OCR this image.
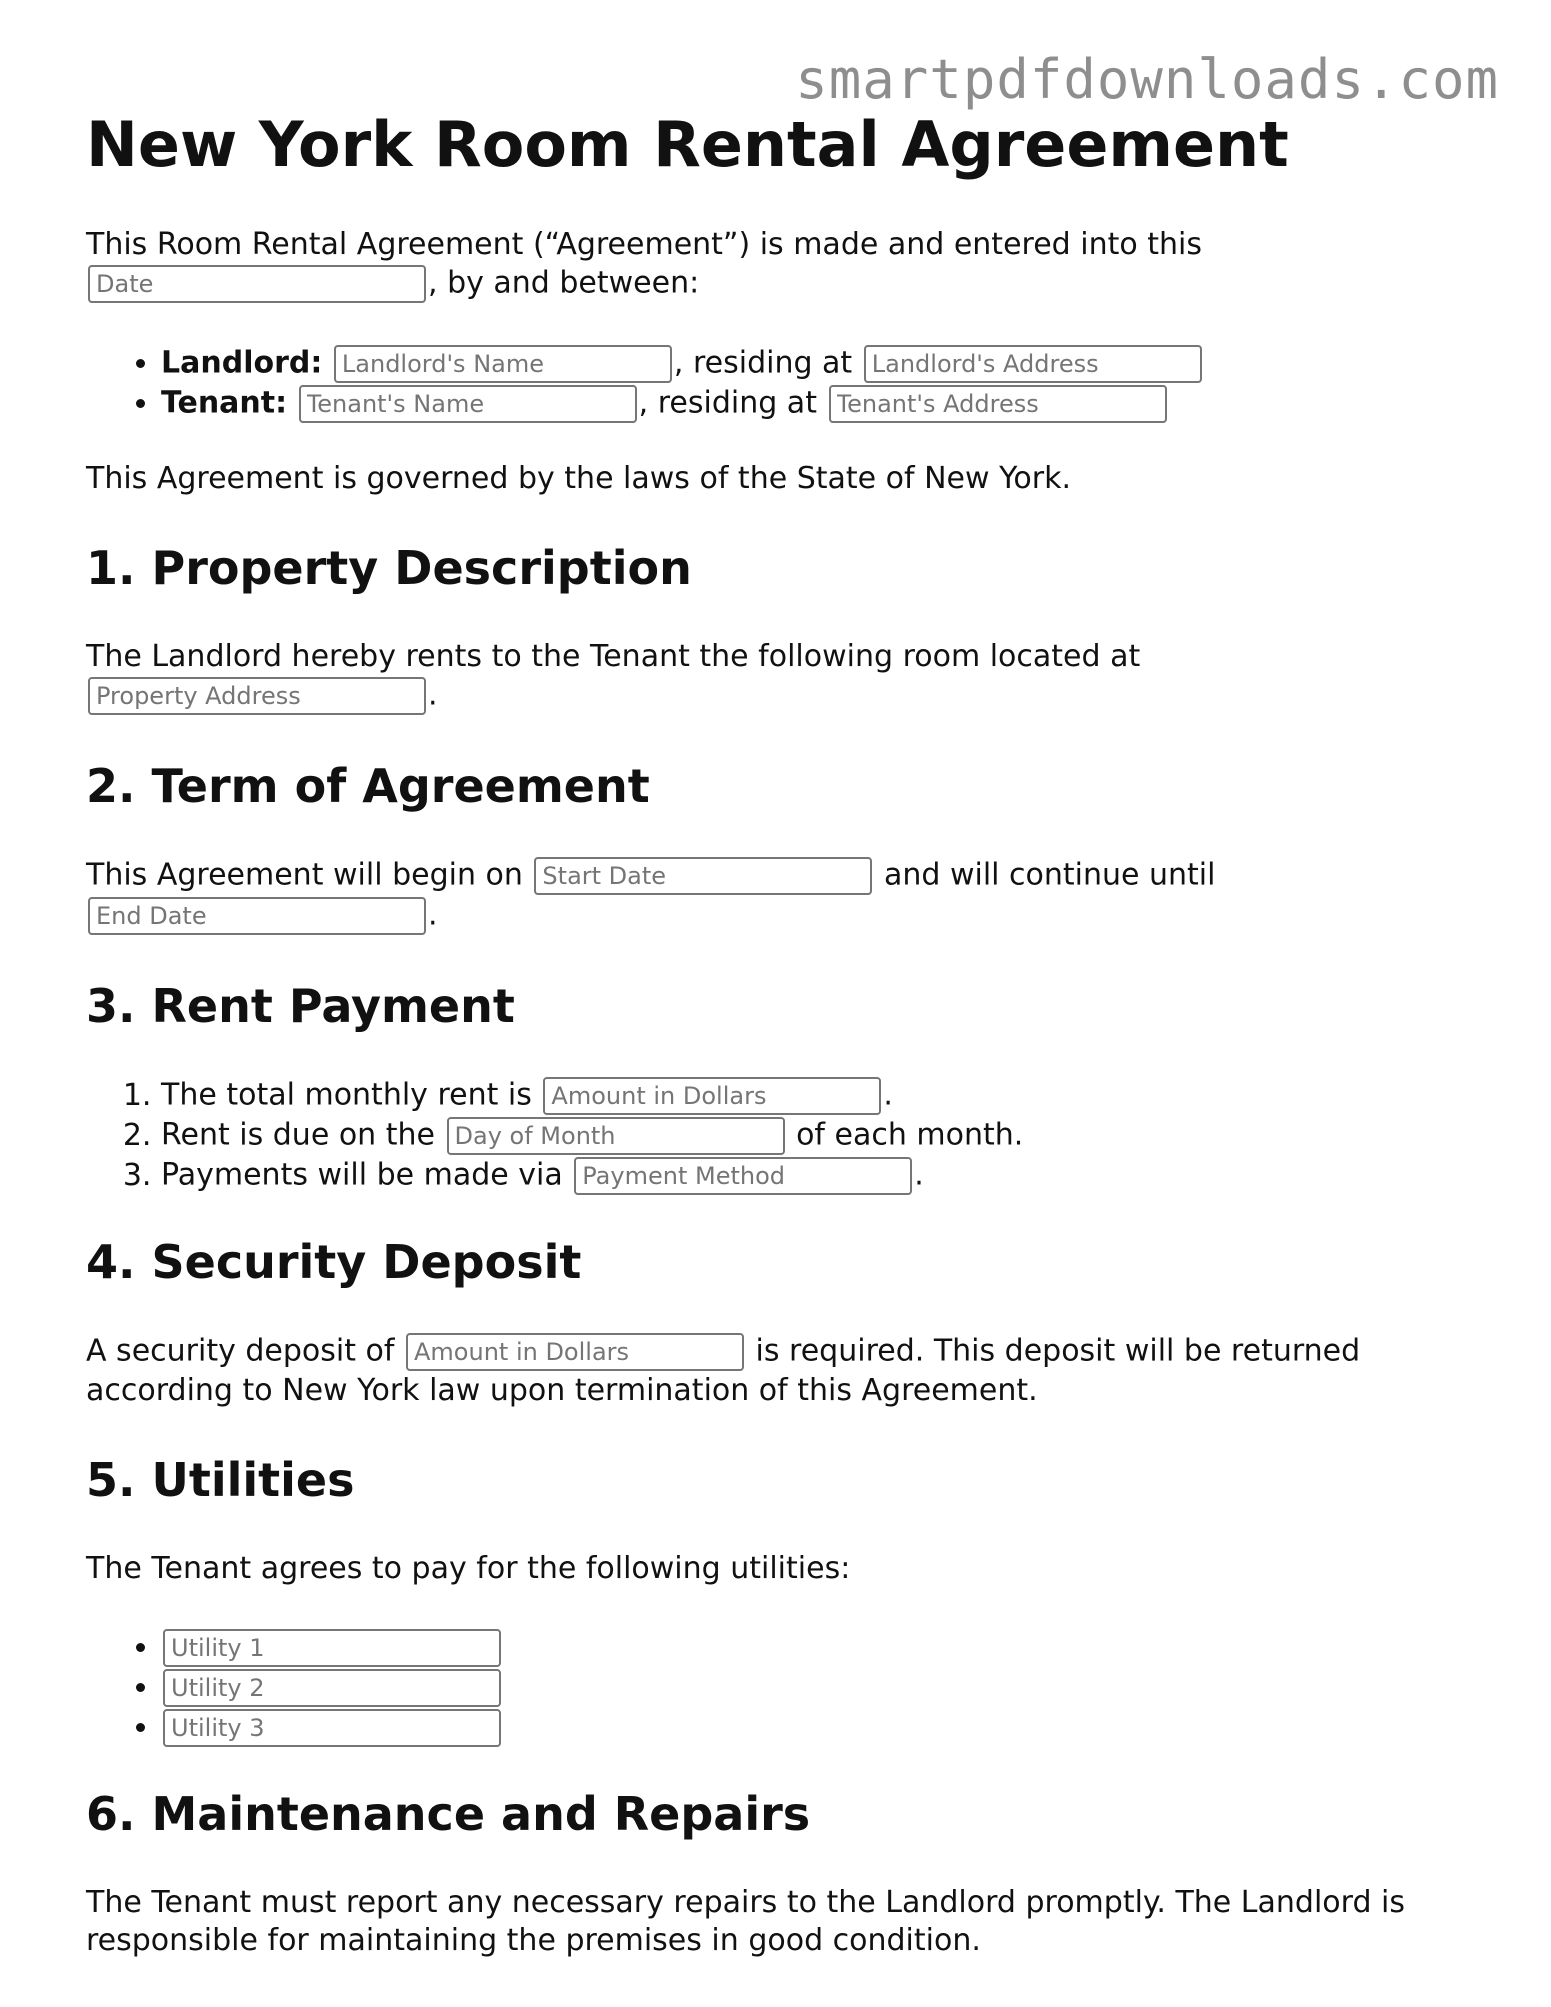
smartpdfdownloads.com
New York Room Rental Agreement

This Room Rental Agreement (“Agreement”) is made and entered into this
Date, by and between:

• Landlord: Landlord's Name	, residing at Landlord's Address
• Tenant: Tenant's Name	, residing at Tenant's Address

This Agreement is governed by the laws of the State of New York.

1. Property Description

The Landlord hereby rents to the Tenant the following room located at
Property Address.

2. Term of Agreement

This Agreement will begin on Start Date	and will continue until
End Date.

3. Rent Payment
1. The total monthly rent is Amount in Dollars	.
2. Rent is due on the Day of Month	of each month.
3. Payments will be made via Payment Method	.
4. Security Deposit

A security deposit of Amount in Dollars	is required. This deposit will be returned according to New York law upon termination of this Agreement.

5. Utilities

The Tenant agrees to pay for the following utilities:

• Utility 1
• Utility 2
• Utility 3
6. Maintenance and Repairs

The Tenant must report any necessary repairs to the Landlord promptly. The Landlord is responsible for maintaining the premises in good condition.
